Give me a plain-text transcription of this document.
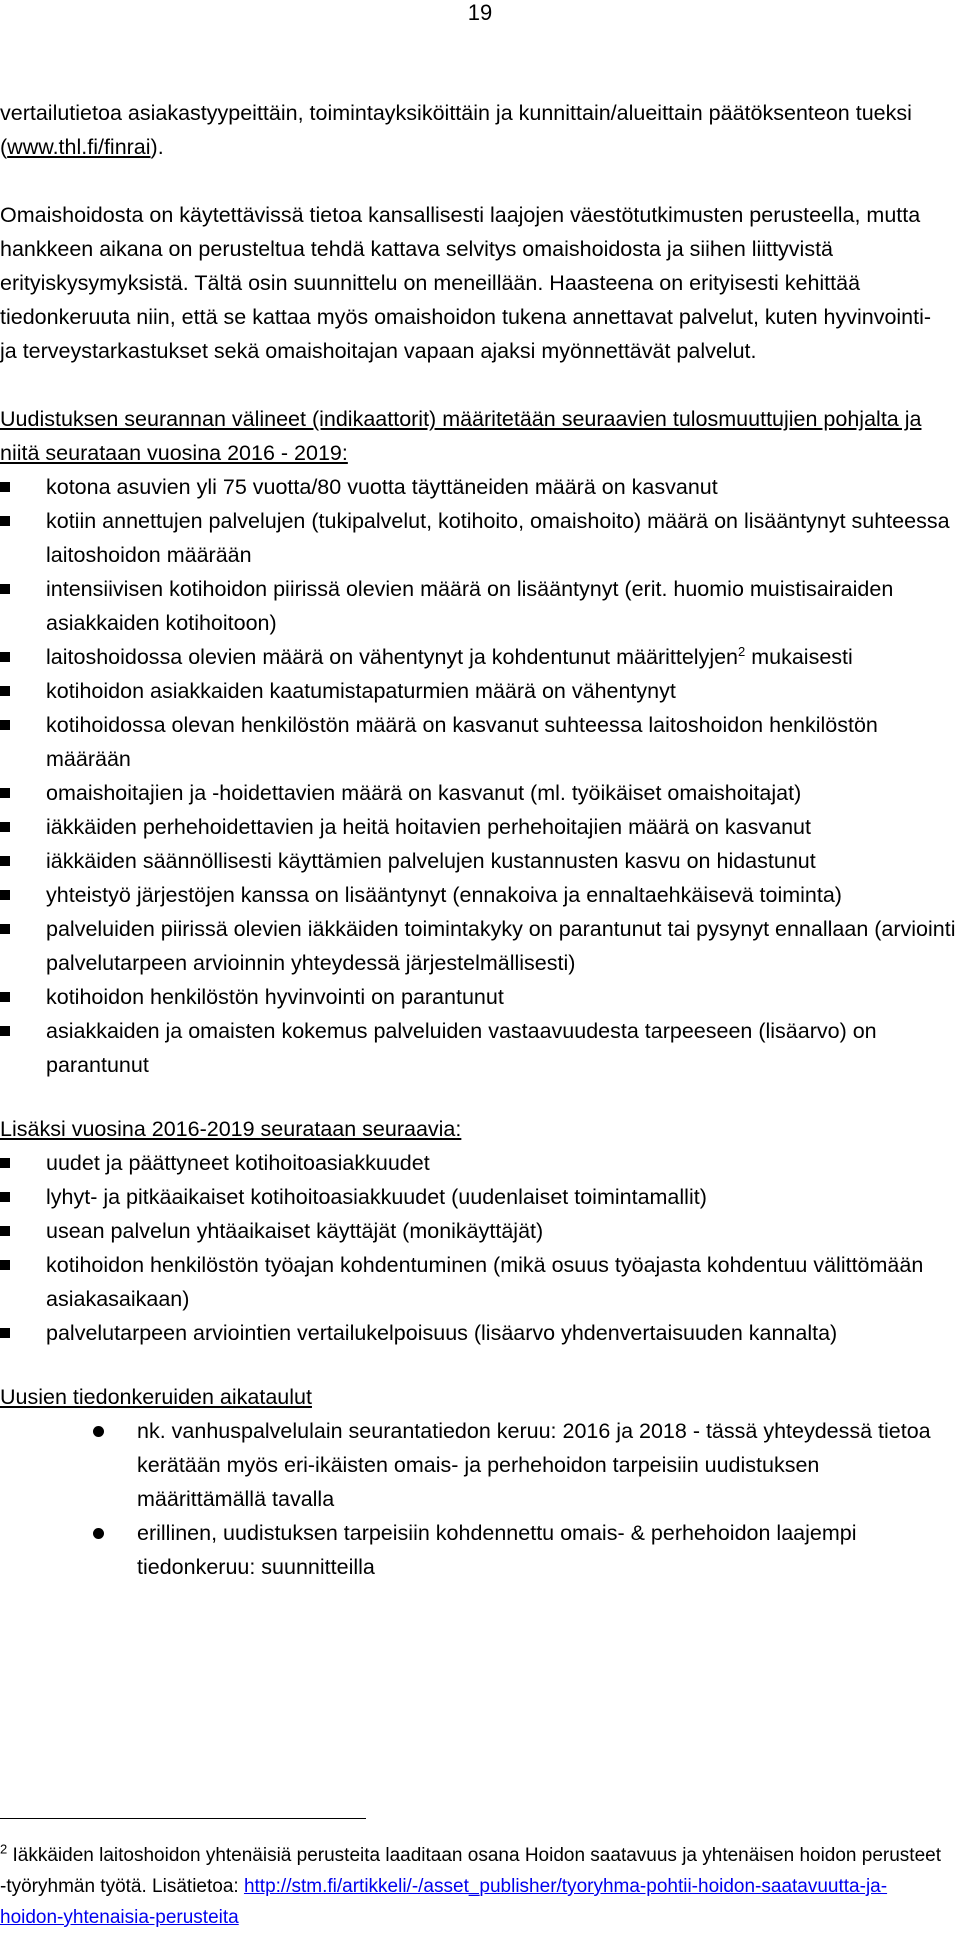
19

vertailutietoa asiakastyypeittäin, toimintayksiköittäin ja kunnittain/alueittain päätöksenteon tueksi (www.thl.fi/finrai).

Omaishoidosta on käytettävissä tietoa kansallisesti laajojen väestötutkimusten perusteella, mutta hankkeen aikana on perusteltua tehdä kattava selvitys omaishoidosta ja siihen liittyvistä erityiskysymyksistä. Tältä osin suunnittelu on meneillään. Haasteena on erityisesti kehittää tiedonkeruuta niin, että se kattaa myös omaishoidon tukena annettavat palvelut, kuten hyvinvointi- ja terveystarkastukset sekä omaishoitajan vapaan ajaksi myönnettävät palvelut.

Uudistuksen seurannan välineet (indikaattorit) määritetään seuraavien tulosmuuttujien pohjalta ja niitä seurataan vuosina 2016 - 2019:

kotona asuvien yli 75 vuotta/80 vuotta täyttäneiden määrä on kasvanut
kotiin annettujen palvelujen (tukipalvelut, kotihoito, omaishoito) määrä on lisääntynyt suhteessa laitoshoidon määrään
intensiivisen kotihoidon piirissä olevien määrä on lisääntynyt (erit. huomio muistisairaiden asiakkaiden kotihoitoon)
laitoshoidossa olevien määrä on vähentynyt ja kohdentunut määrittelyjen$^2$ mukaisesti
kotihoidon asiakkaiden kaatumistapaturmien määrä on vähentynyt
kotihoidossa olevan henkilöstön määrä on kasvanut suhteessa laitoshoidon henkilöstön määrään
omaishoitajien ja -hoidettavien määrä on kasvanut (ml. työikäiset omaishoitajat)
iäkkäiden perhehoidettavien ja heitä hoitavien perhehoitajien määrä on kasvanut
iäkkäiden säännöllisesti käyttämien palvelujen kustannusten kasvu on hidastunut
yhteistyö järjestöjen kanssa on lisääntynyt (ennakoiva ja ennaltaehkäisevä toiminta)
palveluiden piirissä olevien iäkkäiden toimintakyky on parantunut tai pysynyt ennallaan (arviointi palvelutarpeen arvioinnin yhteydessä järjestelmällisesti)
kotihoidon henkilöstön hyvinvointi on parantunut
asiakkaiden ja omaisten kokemus palveluiden vastaavuudesta tarpeeseen (lisäarvo) on parantunut

Lisäksi vuosina 2016-2019 seurataan seuraavia:

uudet ja päättyneet kotihoitoasiakkuudet
lyhyt- ja pitkäaikaiset kotihoitoasiakkuudet (uudenlaiset toimintamallit)
usean palvelun yhtäaikaiset käyttäjät (monikäyttäjät)
kotihoidon henkilöstön työajan kohdentuminen (mikä osuus työajasta kohdentuu välittömään asiakasaikaan)
palvelutarpeen arviointien vertailukelpoisuus (lisäarvo yhdenvertaisuuden kannalta)

Uusien tiedonkeruiden aikataulut

nk. vanhuspalvelulain seurantatiedon keruu: 2016 ja 2018 - tässä yhteydessä tietoa kerätään myös eri-ikäisten omais- ja perhehoidon tarpeisiin uudistuksen määrittämällä tavalla
erillinen, uudistuksen tarpeisiin kohdennettu omais- & perhehoidon laajempi tiedonkeruu: suunnitteilla
$^2$ Iäkkäiden laitoshoidon yhtenäisiä perusteita laaditaan osana Hoidon saatavuus ja yhtenäisen hoidon perusteet -työryhmän työtä. Lisätietoa: http://stm.fi/artikkeli/-/asset_publisher/tyoryhma-pohtii-hoidon-saatavuutta-ja-hoidon-yhtenaisia-perusteita
